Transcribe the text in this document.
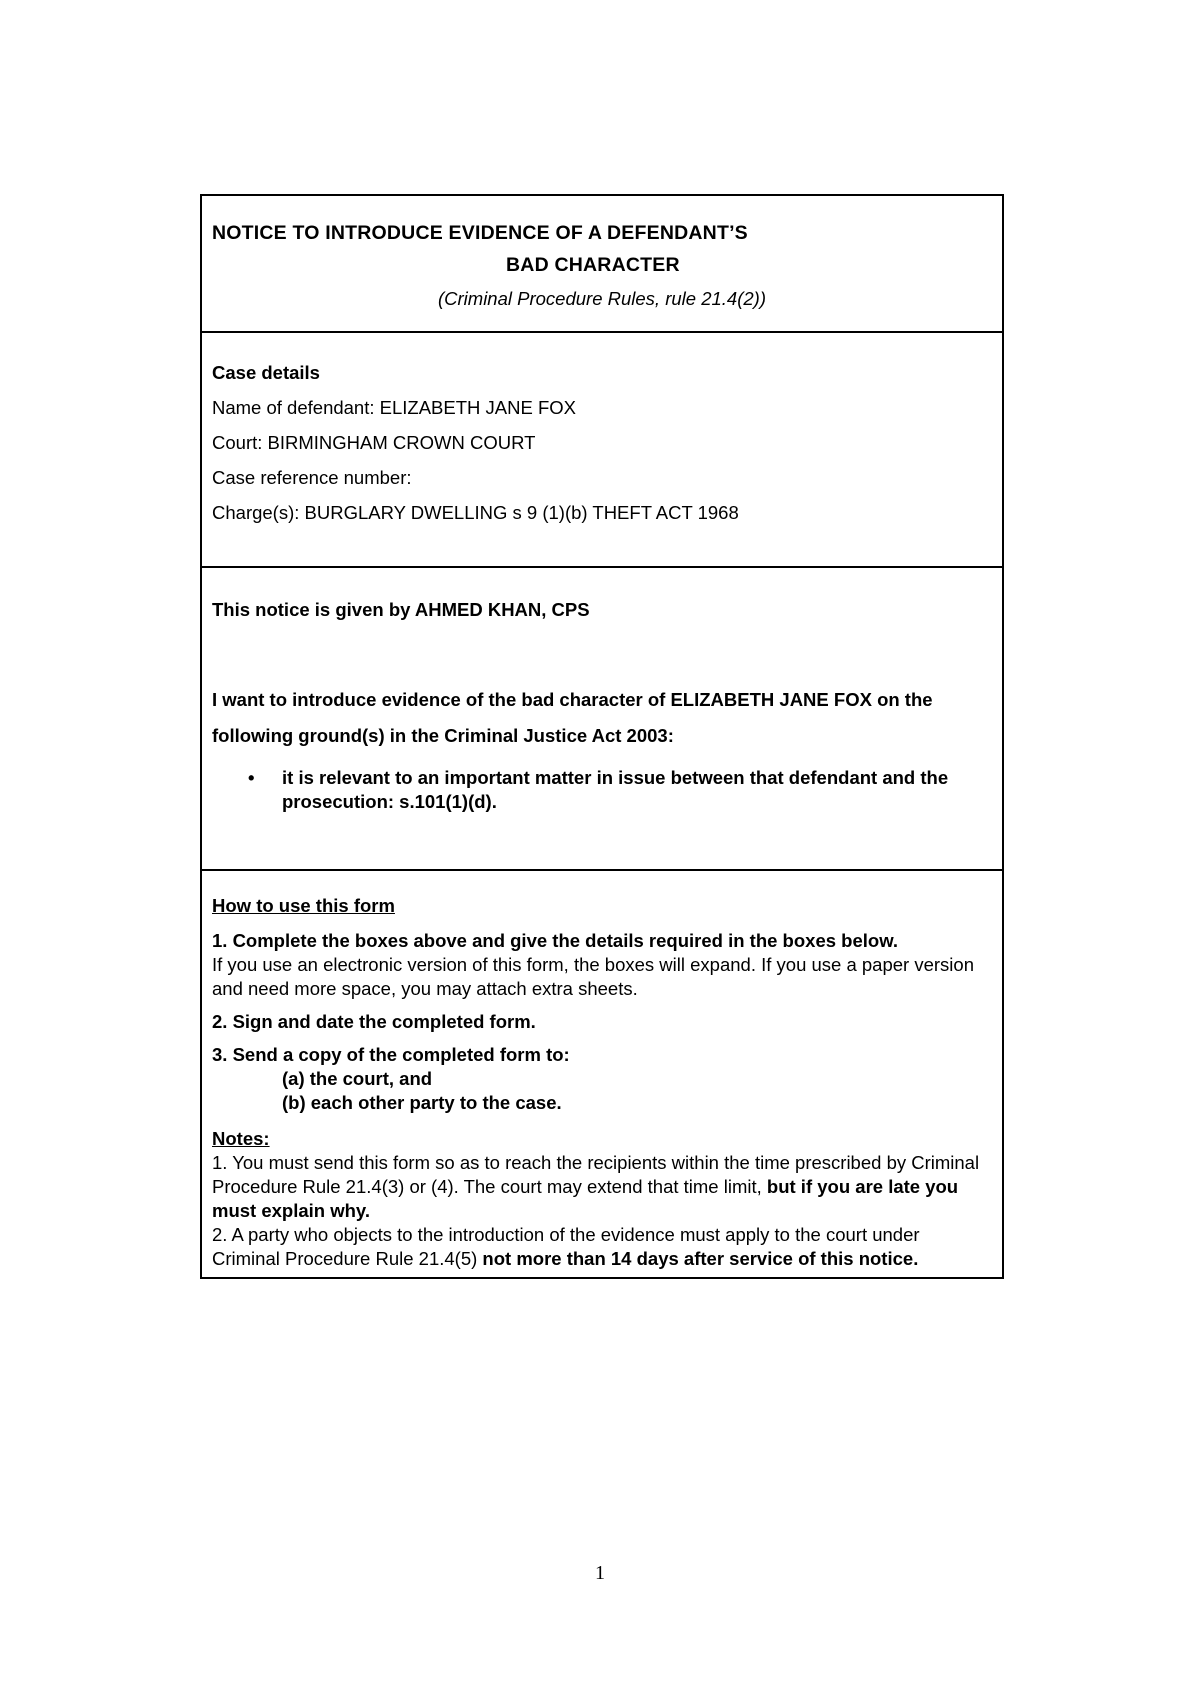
NOTICE TO INTRODUCE EVIDENCE OF A DEFENDANT’S
BAD CHARACTER
(Criminal Procedure Rules, rule 21.4(2))
Case details
Name of defendant: ELIZABETH JANE FOX
Court: BIRMINGHAM CROWN COURT
Case reference number:
Charge(s): BURGLARY DWELLING s 9 (1)(b) THEFT ACT 1968
This notice is given by AHMED KHAN, CPS
I want to introduce evidence of the bad character of ELIZABETH JANE FOX on the following ground(s) in the Criminal Justice Act 2003:
•	it is relevant to an important matter in issue between that defendant and the prosecution: s.101(1)(d).
How to use this form
1. Complete the boxes above and give the details required in the boxes below.
If you use an electronic version of this form, the boxes will expand. If you use a paper version and need more space, you may attach extra sheets.
2. Sign and date the completed form.
3. Send a copy of the completed form to:
(a) the court, and
(b) each other party to the case.
Notes:
1. You must send this form so as to reach the recipients within the time prescribed by Criminal Procedure Rule 21.4(3) or (4). The court may extend that time limit, but if you are late you must explain why.
2. A party who objects to the introduction of the evidence must apply to the court under Criminal Procedure Rule 21.4(5) not more than 14 days after service of this notice.
1
